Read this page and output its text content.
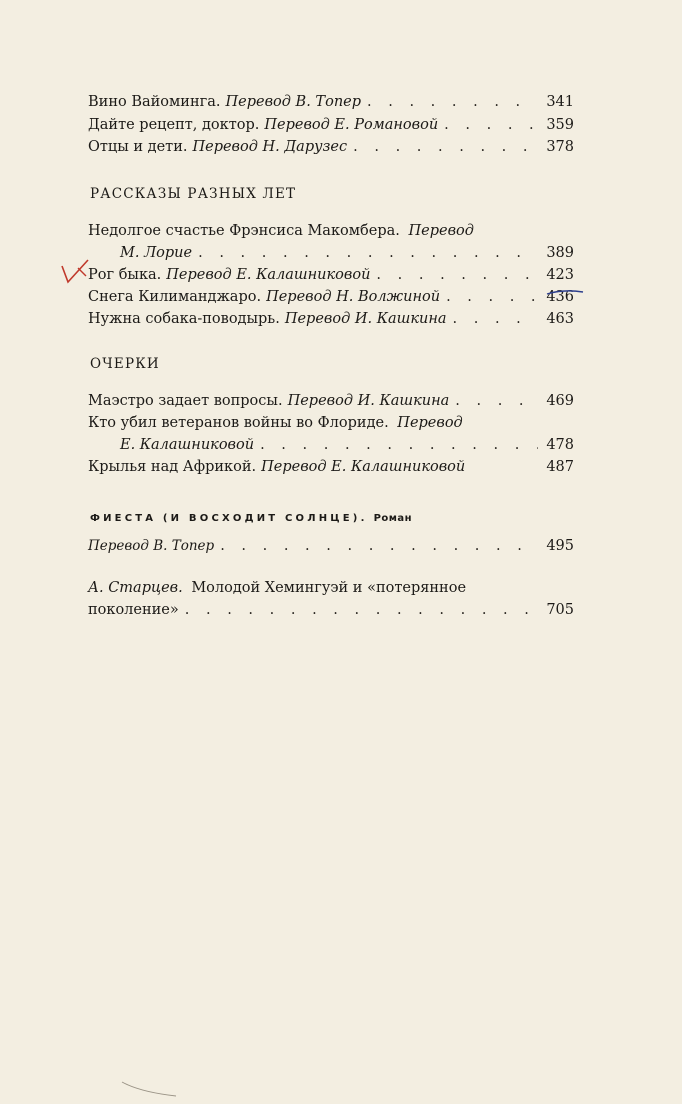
Вино Вайоминга. Перевод В. Топер . . .	341
Дайте рецепт, доктор. Перевод Е. Романовой . . .	359
Отцы и дети. Перевод Н. Дарузес . . .	378
РАССКАЗЫ РАЗНЫХ ЛЕТ
Недолгое счастье Фрэнсиса Макомбера. Перевод
М. Лорие . . .	389
Рог быка. Перевод Е. Калашниковой . . .	423
Снега Килиманджаро. Перевод Н. Волжиной . . .	436
Нужна собака-поводырь. Перевод И. Кашкина . . .	463
ОЧЕРКИ
Маэстро задает вопросы. Перевод И. Кашкина . . .	469
Кто убил ветеранов войны во Флориде. Перевод
Е. Калашниковой . . .	478
Крылья над Африкой. Перевод Е. Калашниковой	487
ФИЕСТА (И ВОСХОДИТ СОЛНЦЕ). Роман
Перевод В. Топер . . .	495
А. Старцев. Молодой Хемингуэй и «потерянное
поколение» . . .	705
